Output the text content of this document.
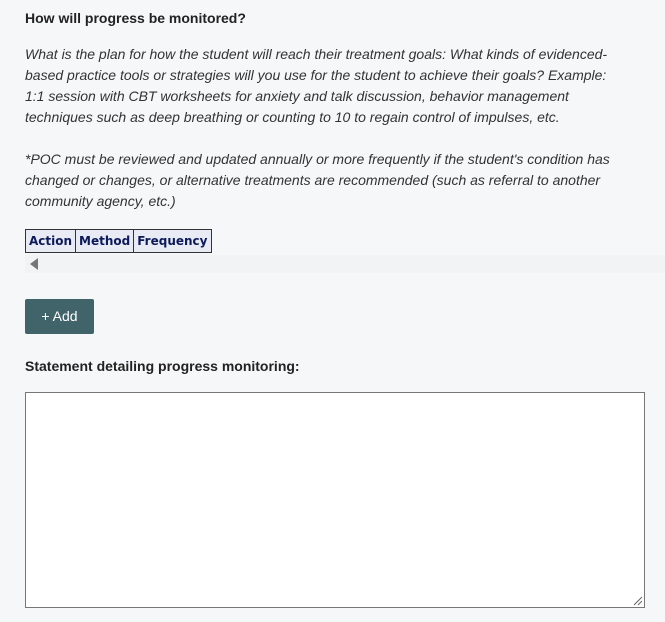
How will progress be monitored?

What is the plan for how the student will reach their treatment goals: What kinds of evidenced-based practice tools or strategies will you use for the student to achieve their goals? Example: 1:1 session with CBT worksheets for anxiety and talk discussion, behavior management techniques such as deep breathing or counting to 10 to regain control of impulses, etc.

*POC must be reviewed and updated annually or more frequently if the student's condition has changed or changes, or alternative treatments are recommended (such as referral to another community agency, etc.)

Action	Method	Frequency
+ Add
Statement detailing progress monitoring:
